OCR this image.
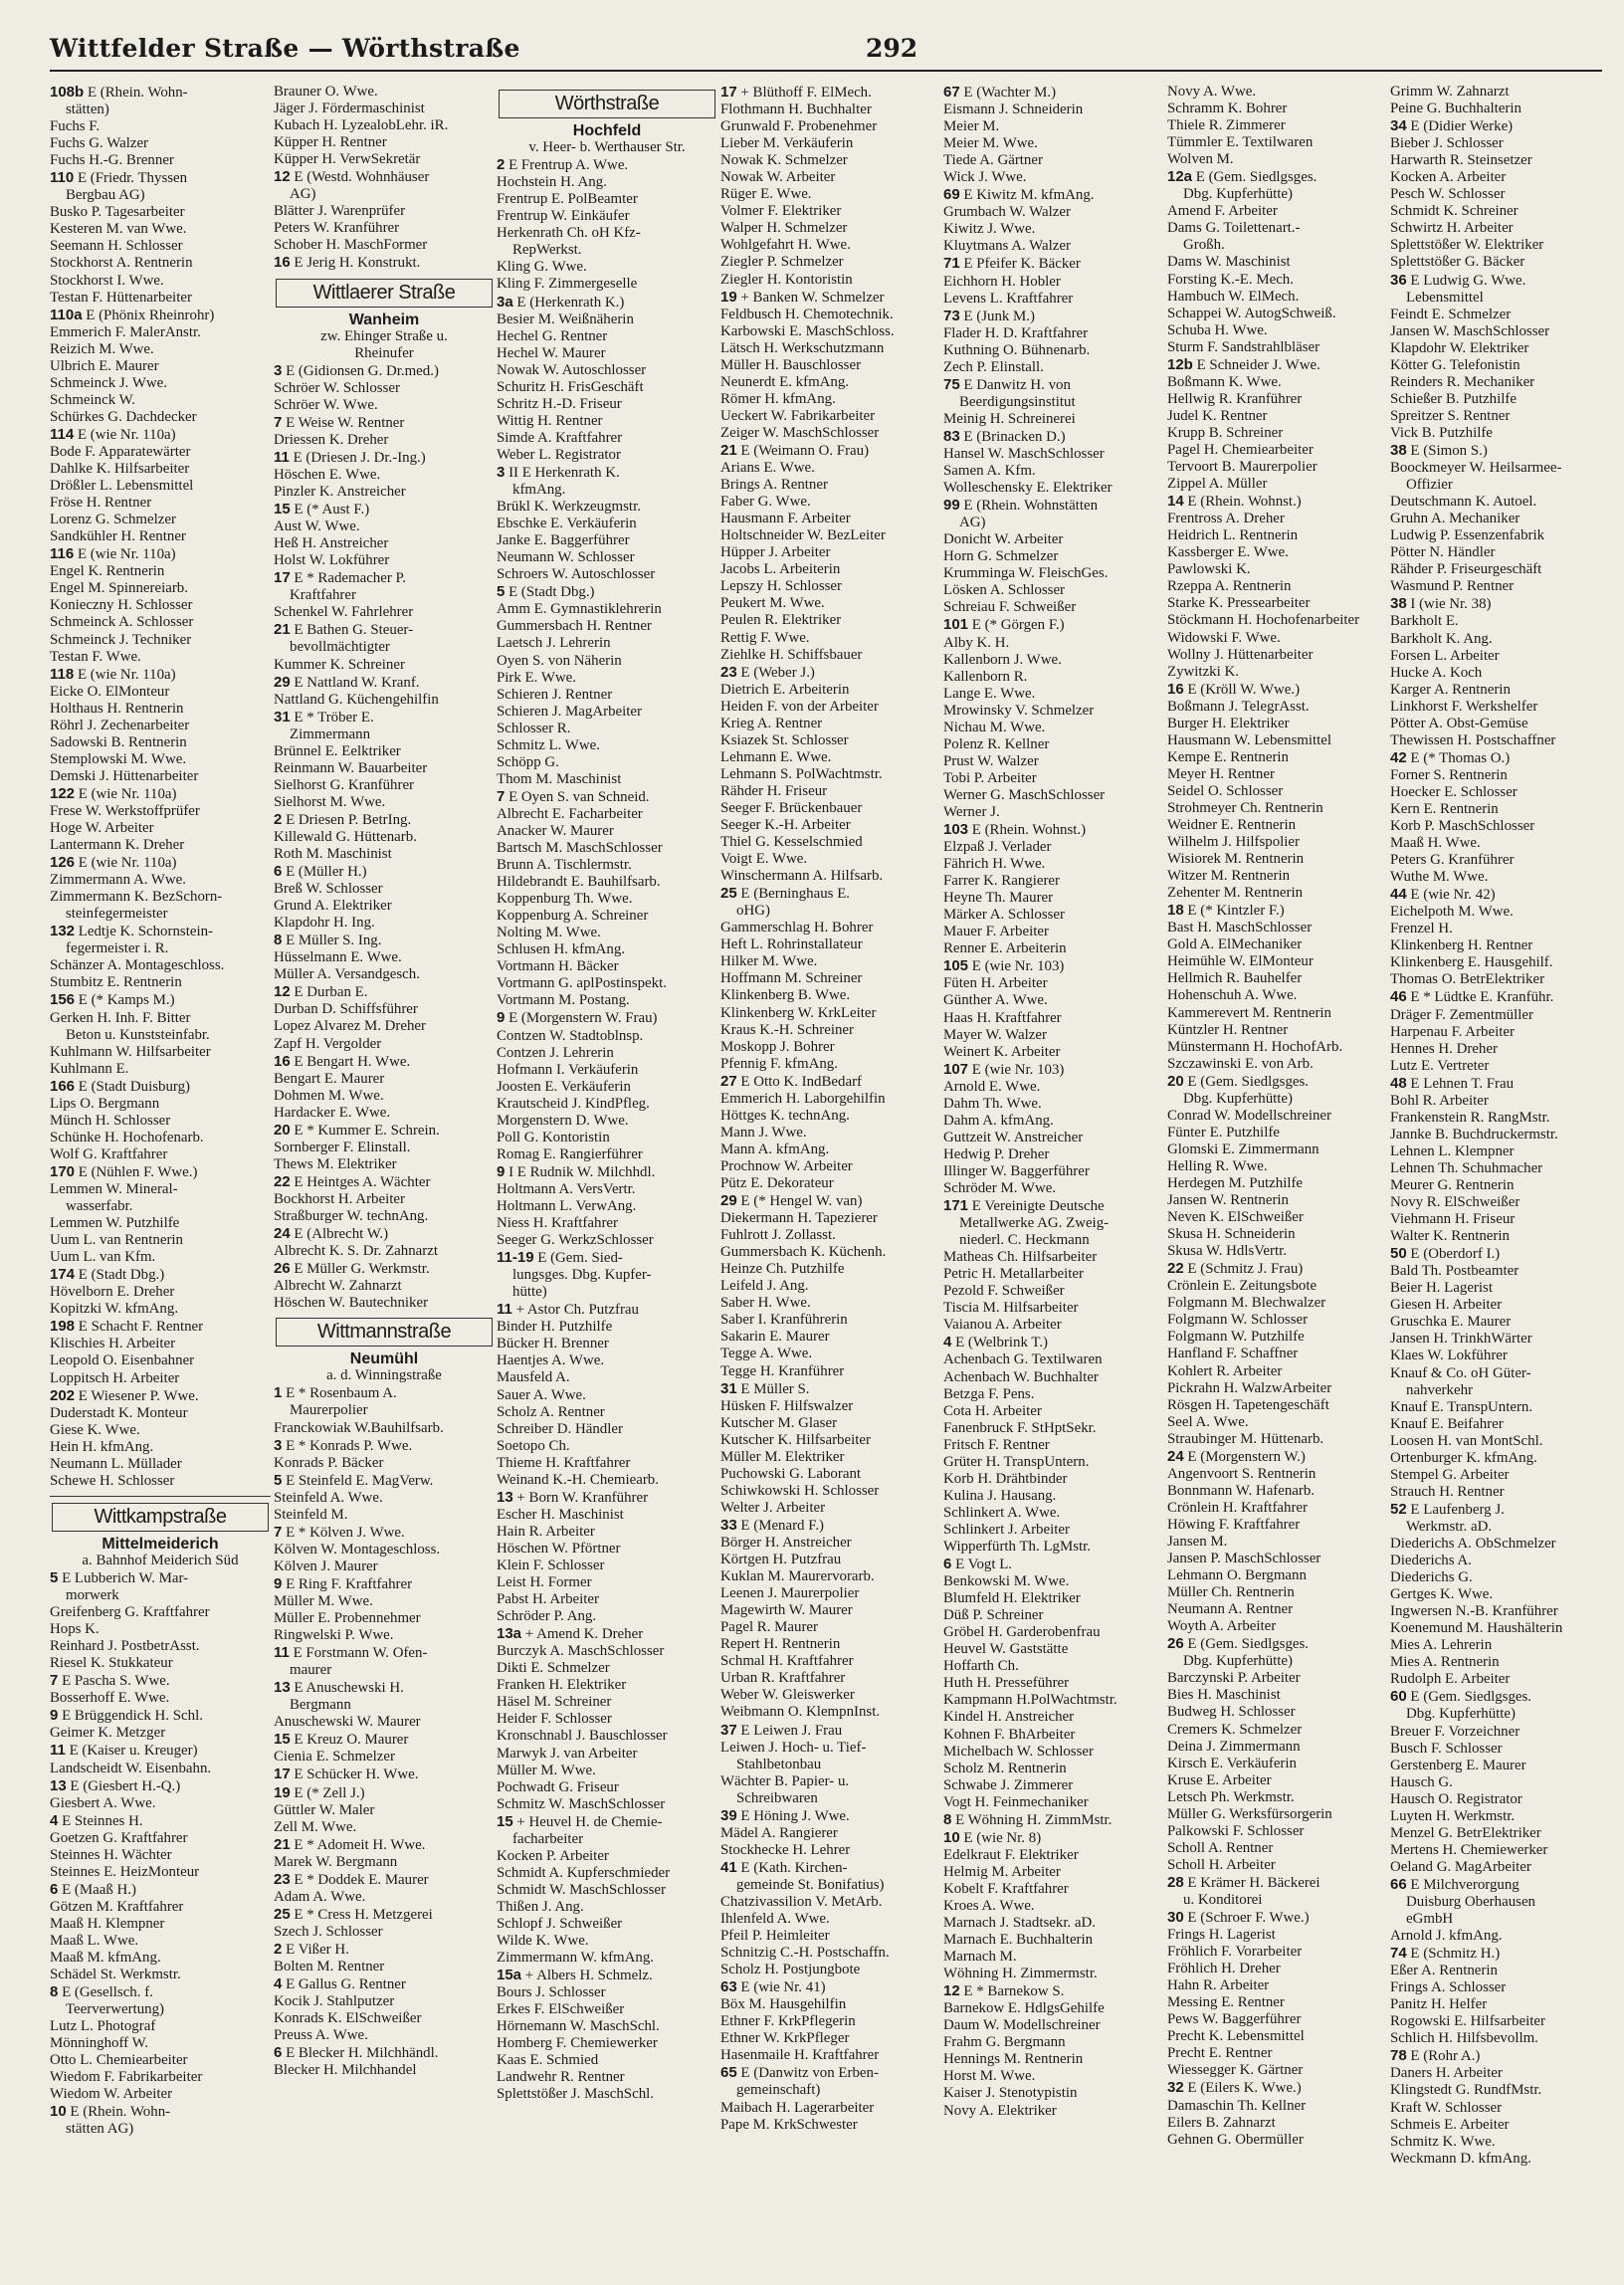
Wittfelder Straße — Wörthstraße	292
108b E (Rhein. Wohn-
stätten)
Fuchs F.
Fuchs G. Walzer
Fuchs H.-G. Brenner
110 E (Friedr. Thyssen
Bergbau AG)
Busko P. Tagesarbeiter
Kesteren M. van Wwe.
Seemann H. Schlosser
Stockhorst A. Rentnerin
Stockhorst I. Wwe.
Testan F. Hüttenarbeiter
110a E (Phönix Rheinrohr)
Emmerich F. MalerAnstr.
Reizich M. Wwe.
Ulbrich E. Maurer
Schmeinck J. Wwe.
Schmeinck W.
Schürkes G. Dachdecker
114 E (wie Nr. 110a)
Bode F. Apparatewärter
Dahlke K. Hilfsarbeiter
Drößler L. Lebensmittel
Fröse H. Rentner
Lorenz G. Schmelzer
Sandkühler H. Rentner
116 E (wie Nr. 110a)
Engel K. Rentnerin
Engel M. Spinnereiarb.
Konieczny H. Schlosser
Schmeinck A. Schlosser
Schmeinck J. Techniker
Testan F. Wwe.
118 E (wie Nr. 110a)
Eicke O. ElMonteur
Holthaus H. Rentnerin
Röhrl J. Zechenarbeiter
Sadowski B. Rentnerin
Stemplowski M. Wwe.
Demski J. Hüttenarbeiter
122 E (wie Nr. 110a)
Frese W. Werkstoffprüfer
Hoge W. Arbeiter
Lantermann K. Dreher
126 E (wie Nr. 110a)
Zimmermann A. Wwe.
Zimmermann K. BezSchorn-
steinfegermeister
132 Ledtje K. Schornstein-
fegermeister i. R.
Schänzer A. Montageschloss.
Stumbitz E. Rentnerin
156 E (* Kamps M.)
Gerken H. Inh. F. Bitter
Beton u. Kunststeinfabr.
Kuhlmann W. Hilfsarbeiter
Kuhlmann E.
166 E (Stadt Duisburg)
Lips O. Bergmann
Münch H. Schlosser
Schünke H. Hochofenarb.
Wolf G. Kraftfahrer
170 E (Nühlen F. Wwe.)
Lemmen W. Mineral-
wasserfabr.
Lemmen W. Putzhilfe
Uum L. van Rentnerin
Uum L. van Kfm.
174 E (Stadt Dbg.)
Hövelborn E. Dreher
Kopitzki W. kfmAng.
198 E Schacht F. Rentner
Klischies H. Arbeiter
Leopold O. Eisenbahner
Loppitsch H. Arbeiter
202 E Wiesener P. Wwe.
Duderstadt K. Monteur
Giese K. Wwe.
Hein H. kfmAng.
Neumann L. Müllader
Schewe H. Schlosser
Wittkampstraße
Mittelmeiderich
a. Bahnhof Meiderich Süd
5 E Lubberich W. Mar-
morwerk
Greifenberg G. Kraftfahrer
Hops K.
Reinhard J. PostbetrAsst.
Riesel K. Stukkateur
7 E Pascha S. Wwe.
Bosserhoff E. Wwe.
9 E Brüggendick H. Schl.
Geimer K. Metzger
11 E (Kaiser u. Kreuger)
Landscheidt W. Eisenbahn.
13 E (Giesbert H.-Q.)
Giesbert A. Wwe.
4 E Steinnes H.
Goetzen G. Kraftfahrer
Steinnes H. Wächter
Steinnes E. HeizMonteur
6 E (Maaß H.)
Götzen M. Kraftfahrer
Maaß H. Klempner
Maaß L. Wwe.
Maaß M. kfmAng.
Schädel St. Werkmstr.
8 E (Gesellsch. f.
Teerverwertung)
Lutz L. Photograf
Mönninghoff W.
Otto L. Chemiearbeiter
Wiedom F. Fabrikarbeiter
Wiedom W. Arbeiter
10 E (Rhein. Wohn-
stätten AG)
Brauner O. Wwe.
Jäger J. Fördermaschinist
Kubach H. LyzealobLehr. iR.
Küpper H. Rentner
Küpper H. VerwSekretär
12 E (Westd. Wohnhäuser
AG)
Blätter J. Warenprüfer
Peters W. Kranführer
Schober H. MaschFormer
16 E Jerig H. Konstrukt.
Wittlaerer Straße
Wanheim
zw. Ehinger Straße u.
Rheinufer
3 E (Gidionsen G. Dr.med.)
Schröer W. Schlosser
Schröer W. Wwe.
7 E Weise W. Rentner
Driessen K. Dreher
11 E (Driesen J. Dr.-Ing.)
Höschen E. Wwe.
Pinzler K. Anstreicher
15 E (* Aust F.)
Aust W. Wwe.
Heß H. Anstreicher
Holst W. Lokführer
17 E * Rademacher P.
Kraftfahrer
Schenkel W. Fahrlehrer
21 E Bathen G. Steuer-
bevollmächtigter
Kummer K. Schreiner
29 E Nattland W. Kranf.
Nattland G. Küchengehilfin
31 E * Tröber E.
Zimmermann
Brünnel E. Eelktriker
Reinmann W. Bauarbeiter
Sielhorst G. Kranführer
Sielhorst M. Wwe.
2 E Driesen P. BetrIng.
Killewald G. Hüttenarb.
Roth M. Maschinist
6 E (Müller H.)
Breß W. Schlosser
Grund A. Elektriker
Klapdohr H. Ing.
8 E Müller S. Ing.
Hüsselmann E. Wwe.
Müller A. Versandgesch.
12 E Durban E.
Durban D. Schiffsführer
Lopez Alvarez M. Dreher
Zapf H. Vergolder
16 E Bengart H. Wwe.
Bengart E. Maurer
Dohmen M. Wwe.
Hardacker E. Wwe.
20 E * Kummer E. Schrein.
Sornberger F. Elinstall.
Thews M. Elektriker
22 E Heintges A. Wächter
Bockhorst H. Arbeiter
Straßburger W. technAng.
24 E (Albrecht W.)
Albrecht K. S. Dr. Zahnarzt
26 E Müller G. Werkmstr.
Albrecht W. Zahnarzt
Höschen W. Bautechniker
Wittmannstraße
Neumühl
a. d. Winningstraße
1 E * Rosenbaum A.
Maurerpolier
Franckowiak W.Bauhilfsarb.
3 E * Konrads P. Wwe.
Konrads P. Bäcker
5 E Steinfeld E. MagVerw.
Steinfeld A. Wwe.
Steinfeld M.
7 E * Kölven J. Wwe.
Kölven W. Montageschloss.
Kölven J. Maurer
9 E Ring F. Kraftfahrer
Müller M. Wwe.
Müller E. Probennehmer
Ringwelski P. Wwe.
11 E Forstmann W. Ofen-
maurer
13 E Anuschewski H.
Bergmann
Anuschewski W. Maurer
15 E Kreuz O. Maurer
Cienia E. Schmelzer
17 E Schücker H. Wwe.
19 E (* Zell J.)
Güttler W. Maler
Zell M. Wwe.
21 E * Adomeit H. Wwe.
Marek W. Bergmann
23 E * Doddek E. Maurer
Adam A. Wwe.
25 E * Cress H. Metzgerei
Szech J. Schlosser
2 E Vißer H.
Bolten M. Rentner
4 E Gallus G. Rentner
Kocik J. Stahlputzer
Konrads K. ElSchweißer
Preuss A. Wwe.
6 E Blecker H. Milchhändl.
Blecker H. Milchhandel
Wörthstraße
Hochfeld
v. Heer- b. Werthauser Str.
2 E Frentrup A. Wwe.
Hochstein H. Ang.
Frentrup E. PolBeamter
Frentrup W. Einkäufer
Herkenrath Ch. oH Kfz-
RepWerkst.
Kling G. Wwe.
Kling F. Zimmergeselle
3a E (Herkenrath K.)
Besier M. Weißnäherin
Hechel G. Rentner
Hechel W. Maurer
Nowak W. Autoschlosser
Schuritz H. FrisGeschäft
Schritz H.-D. Friseur
Wittig H. Rentner
Simde A. Kraftfahrer
Weber L. Registrator
3 II E Herkenrath K.
kfmAng.
Brükl K. Werkzeugmstr.
Ebschke E. Verkäuferin
Janke E. Baggerführer
Neumann W. Schlosser
Schroers W. Autoschlosser
5 E (Stadt Dbg.)
Amm E. Gymnastiklehrerin
Gummersbach H. Rentner
Laetsch J. Lehrerin
Oyen S. von Näherin
Pirk E. Wwe.
Schieren J. Rentner
Schieren J. MagArbeiter
Schlosser R.
Schmitz L. Wwe.
Schöpp G.
Thom M. Maschinist
7 E Oyen S. van Schneid.
Albrecht E. Facharbeiter
Anacker W. Maurer
Bartsch M. MaschSchlosser
Brunn A. Tischlermstr.
Hildebrandt E. Bauhilfsarb.
Koppenburg Th. Wwe.
Koppenburg A. Schreiner
Nolting M. Wwe.
Schlusen H. kfmAng.
Vortmann H. Bäcker
Vortmann G. aplPostinspekt.
Vortmann M. Postang.
9 E (Morgenstern W. Frau)
Contzen W. Stadtoblnsp.
Contzen J. Lehrerin
Hofmann I. Verkäuferin
Joosten E. Verkäuferin
Krautscheid J. KindPfleg.
Morgenstern D. Wwe.
Poll G. Kontoristin
Romag E. Rangierführer
9 I E Rudnik W. Milchhdl.
Holtmann A. VersVertr.
Holtmann L. VerwAng.
Niess H. Kraftfahrer
Seeger G. WerkzSchlosser
11-19 E (Gem. Sied-
lungsges. Dbg. Kupfer-
hütte)
11 + Astor Ch. Putzfrau
Binder H. Putzhilfe
Bücker H. Brenner
Haentjes A. Wwe.
Mausfeld A.
Sauer A. Wwe.
Scholz A. Rentner
Schreiber D. Händler
Soetopo Ch.
Thieme H. Kraftfahrer
Weinand K.-H. Chemiearb.
13 + Born W. Kranführer
Escher H. Maschinist
Hain R. Arbeiter
Höschen W. Pförtner
Klein F. Schlosser
Leist H. Former
Pabst H. Arbeiter
Schröder P. Ang.
13a + Amend K. Dreher
Burczyk A. MaschSchlosser
Dikti E. Schmelzer
Franken H. Elektriker
Häsel M. Schreiner
Heider F. Schlosser
Kronschnabl J. Bauschlosser
Marwyk J. van Arbeiter
Müller M. Wwe.
Pochwadt G. Friseur
Schmitz W. MaschSchlosser
15 + Heuvel H. de Chemie-
facharbeiter
Kocken P. Arbeiter
Schmidt A. Kupferschmieder
Schmidt W. MaschSchlosser
Thißen J. Ang.
Schlopf J. Schweißer
Wilde K. Wwe.
Zimmermann W. kfmAng.
15a + Albers H. Schmelz.
Bours J. Schlosser
Erkes F. ElSchweißer
Hörnemann W. MaschSchl.
Homberg F. Chemiewerker
Kaas E. Schmied
Landwehr R. Rentner
Splettstößer J. MaschSchl.
17 + Blüthoff F. ElMech.
Flothmann H. Buchhalter
Grunwald F. Probenehmer
Lieber M. Verkäuferin
Nowak K. Schmelzer
Nowak W. Arbeiter
Rüger E. Wwe.
Volmer F. Elektriker
Walper H. Schmelzer
Wohlgefahrt H. Wwe.
Ziegler P. Schmelzer
Ziegler H. Kontoristin
19 + Banken W. Schmelzer
Feldbusch H. Chemotechnik.
Karbowski E. MaschSchloss.
Lätsch H. Werkschutzmann
Müller H. Bauschlosser
Neunerdt E. kfmAng.
Römer H. kfmAng.
Ueckert W. Fabrikarbeiter
Zeiger W. MaschSchlosser
21 E (Weimann O. Frau)
Arians E. Wwe.
Brings A. Rentner
Faber G. Wwe.
Hausmann F. Arbeiter
Holtschneider W. BezLeiter
Hüpper J. Arbeiter
Jacobs L. Arbeiterin
Lepszy H. Schlosser
Peukert M. Wwe.
Peulen R. Elektriker
Rettig F. Wwe.
Ziehlke H. Schiffsbauer
23 E (Weber J.)
Dietrich E. Arbeiterin
Heiden F. von der Arbeiter
Krieg A. Rentner
Ksiazek St. Schlosser
Lehmann E. Wwe.
Lehmann S. PolWachtmstr.
Rähder H. Friseur
Seeger F. Brückenbauer
Seeger K.-H. Arbeiter
Thiel G. Kesselschmied
Voigt E. Wwe.
Winschermann A. Hilfsarb.
25 E (Berninghaus E.
oHG)
Gammerschlag H. Bohrer
Heft L. Rohrinstallateur
Hilker M. Wwe.
Hoffmann M. Schreiner
Klinkenberg B. Wwe.
Klinkenberg W. KrkLeiter
Kraus K.-H. Schreiner
Moskopp J. Bohrer
Pfennig F. kfmAng.
27 E Otto K. IndBedarf
Emmerich H. Laborgehilfin
Höttges K. technAng.
Mann J. Wwe.
Mann A. kfmAng.
Prochnow W. Arbeiter
Pütz E. Dekorateur
29 E (* Hengel W. van)
Diekermann H. Tapezierer
Fuhlrott J. Zollasst.
Gummersbach K. Küchenh.
Heinze Ch. Putzhilfe
Leifeld J. Ang.
Saber H. Wwe.
Saber I. Kranführerin
Sakarin E. Maurer
Tegge A. Wwe.
Tegge H. Kranführer
31 E Müller S.
Hüsken F. Hilfswalzer
Kutscher M. Glaser
Kutscher K. Hilfsarbeiter
Müller M. Elektriker
Puchowski G. Laborant
Schiwkowski H. Schlosser
Welter J. Arbeiter
33 E (Menard F.)
Börger H. Anstreicher
Körtgen H. Putzfrau
Kuklan M. Maurervorarb.
Leenen J. Maurerpolier
Magewirth W. Maurer
Pagel R. Maurer
Repert H. Rentnerin
Schmal H. Kraftfahrer
Urban R. Kraftfahrer
Weber W. Gleiswerker
Weibmann O. KlempnInst.
37 E Leiwen J. Frau
Leiwen J. Hoch- u. Tief-
Stahlbetonbau
Wächter B. Papier- u.
Schreibwaren
39 E Höning J. Wwe.
Mädel A. Rangierer
Stockhecke H. Lehrer
41 E (Kath. Kirchen-
gemeinde St. Bonifatius)
Chatzivassilion V. MetArb.
Ihlenfeld A. Wwe.
Pfeil P. Heimleiter
Schnitzig C.-H. Postschaffn.
Scholz H. Postjungbote
63 E (wie Nr. 41)
Böx M. Hausgehilfin
Ethner F. KrkPflegerin
Ethner W. KrkPfleger
Hasenmaile H. Kraftfahrer
65 E (Danwitz von Erben-
gemeinschaft)
Maibach H. Lagerarbeiter
Pape M. KrkSchwester
67 E (Wachter M.)
Eismann J. Schneiderin
Meier M.
Meier M. Wwe.
Tiede A. Gärtner
Wick J. Wwe.
69 E Kiwitz M. kfmAng.
Grumbach W. Walzer
Kiwitz J. Wwe.
Kluytmans A. Walzer
71 E Pfeifer K. Bäcker
Eichhorn H. Hobler
Levens L. Kraftfahrer
73 E (Junk M.)
Flader H. D. Kraftfahrer
Kuthning O. Bühnenarb.
Zech P. Elinstall.
75 E Danwitz H. von
Beerdigungsinstitut
Meinig H. Schreinerei
83 E (Brinacken D.)
Hansel W. MaschSchlosser
Samen A. Kfm.
Wolleschensky E. Elektriker
99 E (Rhein. Wohnstätten
AG)
Donicht W. Arbeiter
Horn G. Schmelzer
Krumminga W. FleischGes.
Lösken A. Schlosser
Schreiau F. Schweißer
101 E (* Görgen F.)
Alby K. H.
Kallenborn J. Wwe.
Kallenborn R.
Lange E. Wwe.
Mrowinsky V. Schmelzer
Nichau M. Wwe.
Polenz R. Kellner
Prust W. Walzer
Tobi P. Arbeiter
Werner G. MaschSchlosser
Werner J.
103 E (Rhein. Wohnst.)
Elzpaß J. Verlader
Fährich H. Wwe.
Farrer K. Rangierer
Heyne Th. Maurer
Märker A. Schlosser
Mauer F. Arbeiter
Renner E. Arbeiterin
105 E (wie Nr. 103)
Füten H. Arbeiter
Günther A. Wwe.
Haas H. Kraftfahrer
Mayer W. Walzer
Weinert K. Arbeiter
107 E (wie Nr. 103)
Arnold E. Wwe.
Dahm Th. Wwe.
Dahm A. kfmAng.
Guttzeit W. Anstreicher
Hedwig P. Dreher
Illinger W. Baggerführer
Schröder M. Wwe.
171 E Vereinigte Deutsche
Metallwerke AG. Zweig-
niederl. C. Heckmann
Matheas Ch. Hilfsarbeiter
Petric H. Metallarbeiter
Pezold F. Schweißer
Tiscia M. Hilfsarbeiter
Vaianou A. Arbeiter
4 E (Welbrink T.)
Achenbach G. Textilwaren
Achenbach W. Buchhalter
Betzga F. Pens.
Cota H. Arbeiter
Fanenbruck F. StHptSekr.
Fritsch F. Rentner
Grüter H. TranspUntern.
Korb H. Drähtbinder
Kulina J. Hausang.
Schlinkert A. Wwe.
Schlinkert J. Arbeiter
Wipperfürth Th. LgMstr.
6 E Vogt L.
Benkowski M. Wwe.
Blumfeld H. Elektriker
Düß P. Schreiner
Gröbel H. Garderobenfrau
Heuvel W. Gaststätte
Hoffarth Ch.
Huth H. Presseführer
Kampmann H.PolWachtmstr.
Kindel H. Anstreicher
Kohnen F. BhArbeiter
Michelbach W. Schlosser
Scholz M. Rentnerin
Schwabe J. Zimmerer
Vogt H. Feinmechaniker
8 E Wöhning H. ZimmMstr.
10 E (wie Nr. 8)
Edelkraut F. Elektriker
Helmig M. Arbeiter
Kobelt F. Kraftfahrer
Kroes A. Wwe.
Marnach J. Stadtsekr. aD.
Marnach E. Buchhalterin
Marnach M.
Wöhning H. Zimmermstr.
12 E * Barnekow S.
Barnekow E. HdlgsGehilfe
Daum W. Modellschreiner
Frahm G. Bergmann
Hennings M. Rentnerin
Horst M. Wwe.
Kaiser J. Stenotypistin
Novy A. Elektriker
Novy A. Wwe.
Schramm K. Bohrer
Thiele R. Zimmerer
Tümmler E. Textilwaren
Wolven M.
12a E (Gem. Siedlgsges.
Dbg. Kupferhütte)
Amend F. Arbeiter
Dams G. Toilettenart.-
Großh.
Dams W. Maschinist
Forsting K.-E. Mech.
Hambuch W. ElMech.
Schappei W. AutogSchweiß.
Schuba H. Wwe.
Sturm F. Sandstrahlbläser
12b E Schneider J. Wwe.
Boßmann K. Wwe.
Hellwig R. Kranführer
Judel K. Rentner
Krupp B. Schreiner
Pagel H. Chemiearbeiter
Tervoort B. Maurerpolier
Zippel A. Müller
14 E (Rhein. Wohnst.)
Frentross A. Dreher
Heidrich L. Rentnerin
Kassberger E. Wwe.
Pawlowski K.
Rzeppa A. Rentnerin
Starke K. Pressearbeiter
Stöckmann H. Hochofenarbeiter
Widowski F. Wwe.
Wollny J. Hüttenarbeiter
Zywitzki K.
16 E (Kröll W. Wwe.)
Boßmann J. TelegrAsst.
Burger H. Elektriker
Hausmann W. Lebensmittel
Kempe E. Rentnerin
Meyer H. Rentner
Seidel O. Schlosser
Strohmeyer Ch. Rentnerin
Weidner E. Rentnerin
Wilhelm J. Hilfspolier
Wisiorek M. Rentnerin
Witzer M. Rentnerin
Zehenter M. Rentnerin
18 E (* Kintzler F.)
Bast H. MaschSchlosser
Gold A. ElMechaniker
Heimühle W. ElMonteur
Hellmich R. Bauhelfer
Hohenschuh A. Wwe.
Kammerevert M. Rentnerin
Küntzler H. Rentner
Münstermann H. HochofArb.
Szczawinski E. von Arb.
20 E (Gem. Siedlgsges.
Dbg. Kupferhütte)
Conrad W. Modellschreiner
Fünter E. Putzhilfe
Glomski E. Zimmermann
Helling R. Wwe.
Herdegen M. Putzhilfe
Jansen W. Rentnerin
Neven K. ElSchweißer
Skusa H. Schneiderin
Skusa W. HdlsVertr.
22 E (Schmitz J. Frau)
Crönlein E. Zeitungsbote
Folgmann M. Blechwalzer
Folgmann W. Schlosser
Folgmann W. Putzhilfe
Hanfland F. Schaffner
Kohlert R. Arbeiter
Pickrahn H. WalzwArbeiter
Rösgen H. Tapetengeschäft
Seel A. Wwe.
Straubinger M. Hüttenarb.
24 E (Morgenstern W.)
Angenvoort S. Rentnerin
Bonnmann W. Hafenarb.
Crönlein H. Kraftfahrer
Höwing F. Kraftfahrer
Jansen M.
Jansen P. MaschSchlosser
Lehmann O. Bergmann
Müller Ch. Rentnerin
Neumann A. Rentner
Woyth A. Arbeiter
26 E (Gem. Siedlgsges.
Dbg. Kupferhütte)
Barczynski P. Arbeiter
Bies H. Maschinist
Budweg H. Schlosser
Cremers K. Schmelzer
Deina J. Zimmermann
Kirsch E. Verkäuferin
Kruse E. Arbeiter
Letsch Ph. Werkmstr.
Müller G. Werksfürsorgerin
Palkowski F. Schlosser
Scholl A. Rentner
Scholl H. Arbeiter
28 E Krämer H. Bäckerei
u. Konditorei
30 E (Schroer F. Wwe.)
Frings H. Lagerist
Fröhlich F. Vorarbeiter
Fröhlich H. Dreher
Hahn R. Arbeiter
Messing E. Rentner
Pews W. Baggerführer
Precht K. Lebensmittel
Precht E. Rentner
Wiessegger K. Gärtner
32 E (Eilers K. Wwe.)
Damaschin Th. Kellner
Eilers B. Zahnarzt
Gehnen G. Obermüller
Grimm W. Zahnarzt
Peine G. Buchhalterin
34 E (Didier Werke)
Bieber J. Schlosser
Harwarth R. Steinsetzer
Kocken A. Arbeiter
Pesch W. Schlosser
Schmidt K. Schreiner
Schwirtz H. Arbeiter
Splettstößer W. Elektriker
Splettstößer G. Bäcker
36 E Ludwig G. Wwe.
Lebensmittel
Feindt E. Schmelzer
Jansen W. MaschSchlosser
Klapdohr W. Elektriker
Kötter G. Telefonistin
Reinders R. Mechaniker
Schießer B. Putzhilfe
Spreitzer S. Rentner
Vick B. Putzhilfe
38 E (Simon S.)
Boockmeyer W. Heilsarmee-
Offizier
Deutschmann K. Autoel.
Gruhn A. Mechaniker
Ludwig P. Essenzenfabrik
Pötter N. Händler
Rähder P. Friseurgeschäft
Wasmund P. Rentner
38 I (wie Nr. 38)
Barkholt E.
Barkholt K. Ang.
Forsen L. Arbeiter
Hucke A. Koch
Karger A. Rentnerin
Linkhorst F. Werkshelfer
Pötter A. Obst-Gemüse
Thewissen H. Postschaffner
42 E (* Thomas O.)
Forner S. Rentnerin
Hoecker E. Schlosser
Kern E. Rentnerin
Korb P. MaschSchlosser
Maaß H. Wwe.
Peters G. Kranführer
Wuthe M. Wwe.
44 E (wie Nr. 42)
Eichelpoth M. Wwe.
Frenzel H.
Klinkenberg H. Rentner
Klinkenberg E. Hausgehilf.
Thomas O. BetrElektriker
46 E * Lüdtke E. Kranführ.
Dräger F. Zementmüller
Harpenau F. Arbeiter
Hennes H. Dreher
Lutz E. Vertreter
48 E Lehnen T. Frau
Bohl R. Arbeiter
Frankenstein R. RangMstr.
Jannke B. Buchdruckermstr.
Lehnen L. Klempner
Lehnen Th. Schuhmacher
Meurer G. Rentnerin
Novy R. ElSchweißer
Viehmann H. Friseur
Walter K. Rentnerin
50 E (Oberdorf I.)
Bald Th. Postbeamter
Beier H. Lagerist
Giesen H. Arbeiter
Gruschka E. Maurer
Jansen H. TrinkhWärter
Klaes W. Lokführer
Knauf & Co. oH Güter-
nahverkehr
Knauf E. TranspUntern.
Knauf E. Beifahrer
Loosen H. van MontSchl.
Ortenburger K. kfmAng.
Stempel G. Arbeiter
Strauch H. Rentner
52 E Laufenberg J.
Werkmstr. aD.
Diederichs A. ObSchmelzer
Diederichs A.
Diederichs G.
Gertges K. Wwe.
Ingwersen N.-B. Kranführer
Koenemund M. Haushälterin
Mies A. Lehrerin
Mies A. Rentnerin
Rudolph E. Arbeiter
60 E (Gem. Siedlgsges.
Dbg. Kupferhütte)
Breuer F. Vorzeichner
Busch F. Schlosser
Gerstenberg E. Maurer
Hausch G.
Hausch O. Registrator
Luyten H. Werkmstr.
Menzel G. BetrElektriker
Mertens H. Chemiewerker
Oeland G. MagArbeiter
66 E Milchverorgung
Duisburg Oberhausen
eGmbH
Arnold J. kfmAng.
74 E (Schmitz H.)
Eßer A. Rentnerin
Frings A. Schlosser
Panitz H. Helfer
Rogowski E. Hilfsarbeiter
Schlich H. Hilfsbevollm.
78 E (Rohr A.)
Daners H. Arbeiter
Klingstedt G. RundfMstr.
Kraft W. Schlosser
Schmeis E. Arbeiter
Schmitz K. Wwe.
Weckmann D. kfmAng.
